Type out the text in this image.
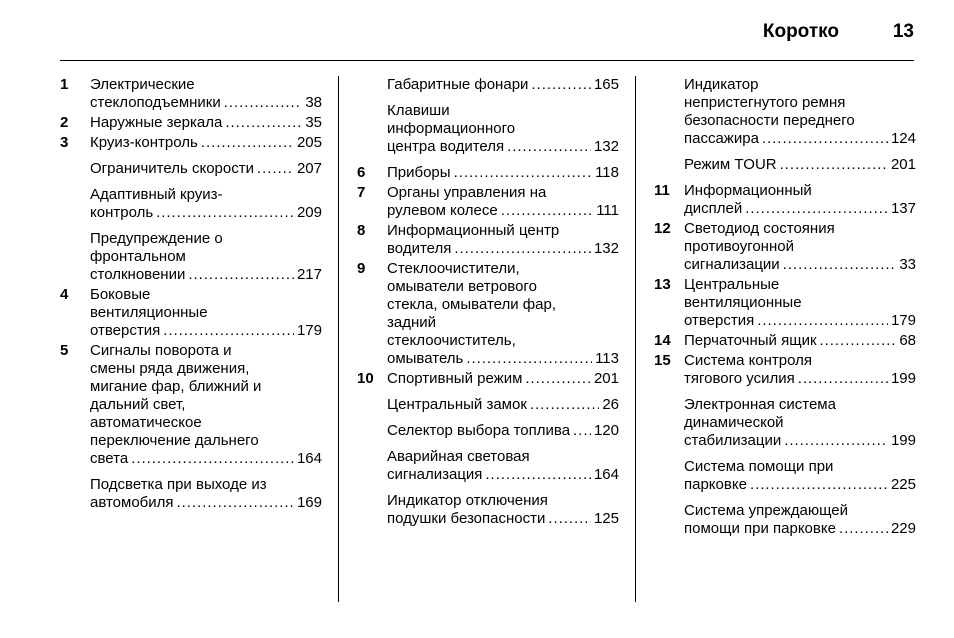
Коротко	13
1 Электрические
стеклоподъемники . . .	38
2 Наружные зеркала . . .	35
3 Круиз-контроль . . .	205
Ограничитель скорости . . .	207
Адаптивный круиз-
контроль . . .	209
Предупреждение о
фронтальном
столкновении . . .	217
4 Боковые
вентиляционные
отверстия . . .	179
5 Сигналы поворота и
смены ряда движения,
мигание фар, ближний и
дальний свет,
автоматическое
переключение дальнего
света . . .	164
Подсветка при выходе из
автомобиля . . .	169
Габаритные фонари . . .	165
Клавиши
информационного
центра водителя . . .	132
6 Приборы . . .	118
7 Органы управления на
рулевом колесе . . .	111
8 Информационный центр
водителя . . .	132
9 Стеклоочистители,
омыватели ветрового
стекла, омыватели фар,
задний
стеклоочиститель,
омыватель . . .	113
10 Спортивный режим . . .	201
Центральный замок . . .	26
Селектор выбора топлива . . . 120
Аварийная световая
сигнализация . . .	164
Индикатор отключения
подушки безопасности . . .	125
Индикатор
непристегнутого ремня
безопасности переднего
пассажира . . .	124
Режим TOUR . . .	201
11 Информационный
дисплей . . .	137
12 Светодиод состояния
противоугонной
сигнализации . . .	33
13 Центральные
вентиляционные
отверстия . . .	179
14 Перчаточный ящик . . .	68
15 Система контроля
тягового усилия . . .	199
Электронная система
динамической
стабилизации . . .	199
Система помощи при
парковке . . .	225
Система упреждающей
помощи при парковке . . .	229
